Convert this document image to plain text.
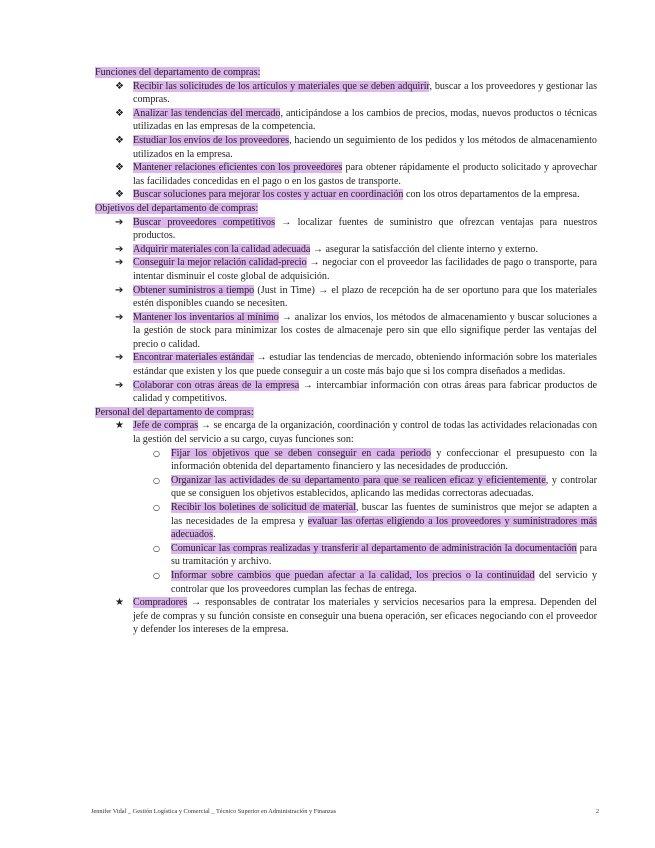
Funciones del departamento de compras:
❖ Recibir las solicitudes de los artículos y materiales que se deben adquirir, buscar a los proveedores y gestionar las compras.
❖ Analizar las tendencias del mercado, anticipándose a los cambios de precios, modas, nuevos productos o técnicas utilizadas en las empresas de la competencia.
❖ Estudiar los envíos de los proveedores, haciendo un seguimiento de los pedidos y los métodos de almacenamiento utilizados en la empresa.
❖ Mantener relaciones eficientes con los proveedores para obtener rápidamente el producto solicitado y aprovechar las facilidades concedidas en el pago o en los gastos de transporte.
❖ Buscar soluciones para mejorar los costes y actuar en coordinación con los otros departamentos de la empresa.
Objetivos del departamento de compras:
➔ Buscar proveedores competitivos → localizar fuentes de suministro que ofrezcan ventajas para nuestros productos.
➔ Adquirir materiales con la calidad adecuada → asegurar la satisfacción del cliente interno y externo.
➔ Conseguir la mejor relación calidad-precio → negociar con el proveedor las facilidades de pago o transporte, para intentar disminuir el coste global de adquisición.
➔ Obtener suministros a tiempo (Just in Time) → el plazo de recepción ha de ser oportuno para que los materiales estén disponibles cuando se necesiten.
➔ Mantener los inventarios al mínimo → analizar los envíos, los métodos de almacenamiento y buscar soluciones a la gestión de stock para minimizar los costes de almacenaje pero sin que ello signifique perder las ventajas del precio o calidad.
➔ Encontrar materiales estándar → estudiar las tendencias de mercado, obteniendo información sobre los materiales estándar que existen y los que puede conseguir a un coste más bajo que si los compra diseñados a medidas.
➔ Colaborar con otras áreas de la empresa → intercambiar información con otras áreas para fabricar productos de calidad y competitivos.
Personal del departamento de compras:
★ Jefe de compras → se encarga de la organización, coordinación y control de todas las actividades relacionadas con la gestión del servicio a su cargo, cuyas funciones son:
○ Fijar los objetivos que se deben conseguir en cada periodo y confeccionar el presupuesto con la información obtenida del departamento financiero y las necesidades de producción.
○ Organizar las actividades de su departamento para que se realicen eficaz y eficientemente, y controlar que se consiguen los objetivos establecidos, aplicando las medidas correctoras adecuadas.
○ Recibir los boletines de solicitud de material, buscar las fuentes de suministros que mejor se adapten a las necesidades de la empresa y evaluar las ofertas eligiendo a los proveedores y suministradores más adecuados.
○ Comunicar las compras realizadas y transferir al departamento de administración la documentación para su tramitación y archivo.
○ Informar sobre cambios que puedan afectar a la calidad, los precios o la continuidad del servicio y controlar que los proveedores cumplan las fechas de entrega.
★ Compradores → responsables de contratar los materiales y servicios necesarios para la empresa. Dependen del jefe de compras y su función consiste en conseguir una buena operación, ser eficaces negociando con el proveedor y defender los intereses de la empresa.
Jennifer Vidal _ Gestión Logística y Comercial _ Técnico Superior en Administración y Finanzas	2
